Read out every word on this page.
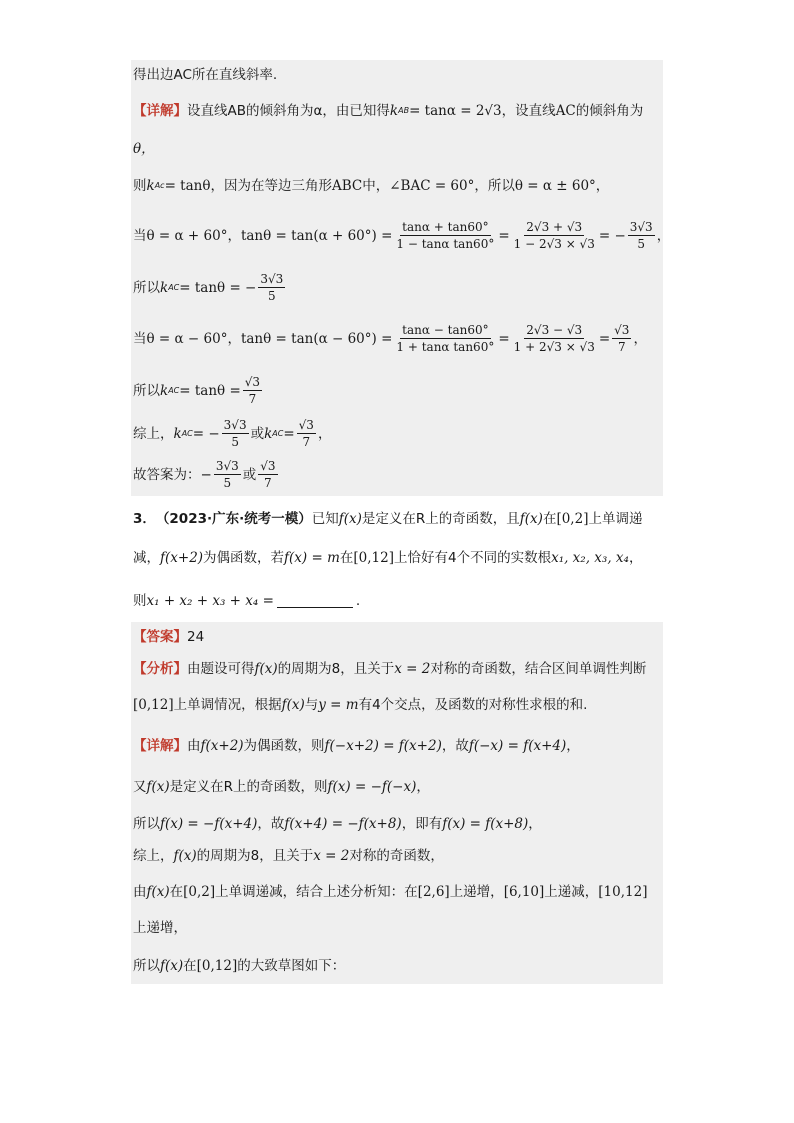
得出边AC所在直线斜率.
【详解】 设直线AB的倾斜角为α，由已知得 k AB = tanα = 2√3，设直线AC的倾斜角为
θ，
则 k Ac = tanθ，因为在等边三角形ABC中，∠BAC = 60°，所以θ = α ± 60°，
当θ = α + 60°，$\tan\theta = \tan(\alpha + 60^\circ) = \frac{\tan\alpha + \tan 60^\circ}{\text{1 − tanα tan60°}} = \frac{2√3 + √3}{1 - 2√3 \times √3}$ = − $\frac{3√3}{5}$ ，
所以 k AC = tanθ = − $\frac{3√3}{5}$
当θ = α − 60°，$\tan\theta = \tan(\alpha - 60^\circ) = \frac{\tan\alpha - \tan 60^\circ}{\text{1 + tanα tan60°}} = \frac{2√3 - √3}{1 + 2√3 \times √3} = \frac{√3}{7}$ ，
所以 k AC = $\tan\theta = \frac{√3}{7}$
综上， k AC = − $\frac{3√3}{5}$ 或 k AC = $\frac{√3}{7}$ ，
故答案为：− $\frac{3√3}{5}$ 或 $\frac{√3}{7}$
3． （2023·广东·统考一模） 已知 f(x) 是定义在R上的奇函数，且 f(x) 在 [0,2] 上单调递
减， f(x+2) 为偶函数，若 f(x) = m 在 [0,12] 上恰好有4个不同的实数根 x₁, x₂, x₃, x₄ ，
则 x₁ + x₂ + x₃ + x₄ =	.
【答案】 24
【分析】 由题设可得 f(x) 的周期为8，且关于 x = 2 对称的奇函数，结合区间单调性判断
[0,12] 上单调情况，根据 f(x) 与 y = m 有4个交点，及函数的对称性求根的和.
【详解】 由 f(x+2) 为偶函数，则 f(−x+2) = f(x+2) ，故 f(−x) = f(x+4) ，
又 f(x) 是定义在R上的奇函数，则 f(x) = −f(−x) ，
所以 f(x) = −f(x+4) ，故 f(x+4) = −f(x+8) ，即有 f(x) = f(x+8) ，
综上， f(x) 的周期为8，且关于 x = 2 对称的奇函数，
由 f(x) 在 [0,2] 上单调递减，结合上述分析知：在 [2,6] 上递增， [6,10] 上递减， [10,12]
上递增，
所以 f(x) 在 [0,12] 的大致草图如下：
